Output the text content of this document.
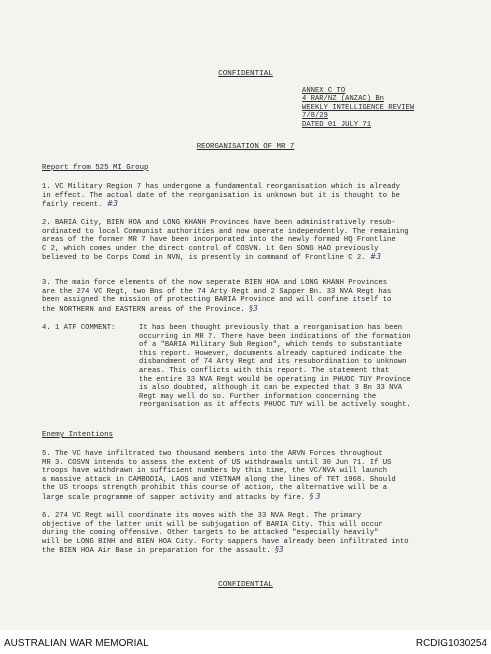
CONFIDENTIAL
ANNEX C TO
4 RAR/NZ (ANZAC) Bn
WEEKLY INTELLIGENCE REVIEW
7/8/29
DATED 01 JULY 71
REORGANISATION OF MR 7
Report from 525 MI Group
1. VC Military Region 7 has undergone a fundamental reorganisation which is already
in effect. The actual date of the reorganisation is unknown but it is thought to be
fairly recent. #3
2. BARIA City, BIEN HOA and LONG KHANH Provinces have been administratively resub-
ordinated to local Communist authorities and now operate independently. The remaining
areas of the former MR 7 have been incorporated into the newly formed HQ Frontline
C 2, which comes under the direct control of COSVN. Lt Gen SONG HAO previously
believed to be Corps Comd in NVN, is presently in command of Frontline C 2. #3
3. The main force elements of the now seperate BIEN HOA and LONG KHANH Provinces
are the 274 VC Regt, two Bns of the 74 Arty Regt and 2 Sapper Bn. 33 NVA Regt has
been assigned the mission of protecting BARIA Province and will confine itself to
the NORTHERN and EASTERN areas of the Province. §3
4. 1 ATF COMMENT:	It has been thought previously that a reorganisation has been
occurring in MR 7. There have been indications of the formation
of a "BARIA Military Sub Region", which tends to substantiate
this report. However, documents already captured indicate the
disbandment of 74 Arty Regt and its resubordination to unknown
areas. This conflicts with this report. The statement that
the entire 33 NVA Regt would be operating in PHUOC TUY Province
is also doubted, although it can be expected that 3 Bn 33 NVA
Regt may well do so. Further information concerning the
reorganisation as it affects PHUOC TUY will be actively sought.
Enemy Intentions
5. The VC have infiltrated two thousand members into the ARVN Forces throughout
MR 3. COSVN intends to assess the extent of US withdrawals until 30 Jun 71. If US
troops have withdrawn in sufficient numbers by this time, the VC/NVA will launch
a massive attack in CAMBODIA, LAOS and VIETNAM along the lines of TET 1968. Should
the US troops strength prohibit this course of action, the alternative will be a
large scale programme of sapper activity and attacks by fire. § 3
6. 274 VC Regt will coordinate its moves with the 33 NVA Regt. The primary
objective of the latter unit will be subjugation of BARIA City. This will occur
during the coming offensive. Other targets to be attacked "especially heavily"
will be LONG BINH and BIEN HOA City. Forty sappers have already been infiltrated into
the BIEN HOA Air Base in preparation for the assault. §3
CONFIDENTIAL
AUSTRALIAN WAR MEMORIAL	RCDIG1030254
